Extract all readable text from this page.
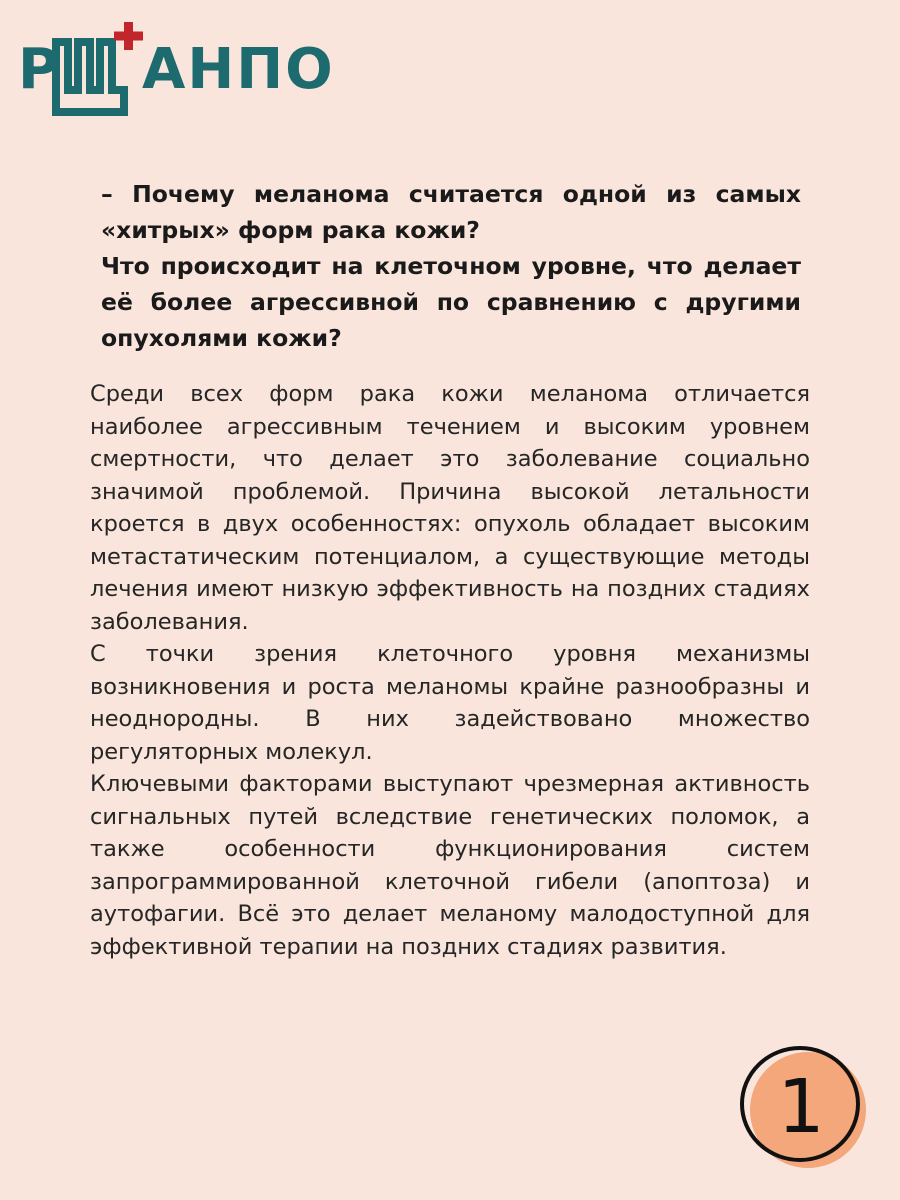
Р АНПО

– Почему меланома считается одной из самых «хитрых» форм рака кожи?

Что происходит на клеточном уровне, что делает её более агрессивной по сравнению с другими опухолями кожи?

Среди всех форм рака кожи меланома отличается наиболее агрессивным течением и высоким уровнем смертности, что делает это заболевание социально значимой проблемой. Причина высокой летальности кроется в двух особенностях: опухоль обладает высоким метастатическим потенциалом, а существующие методы лечения имеют низкую эффективность на поздних стадиях заболевания.

С точки зрения клеточного уровня механизмы возникновения и роста меланомы крайне разнообразны и неоднородны. В них задействовано множество регуляторных молекул.

Ключевыми факторами выступают чрезмерная активность сигнальных путей вследствие генетических поломок, а также особенности функционирования систем запрограммированной клеточной гибели (апоптоза) и аутофагии. Всё это делает меланому малодоступной для эффективной терапии на поздних стадиях развития.

1
